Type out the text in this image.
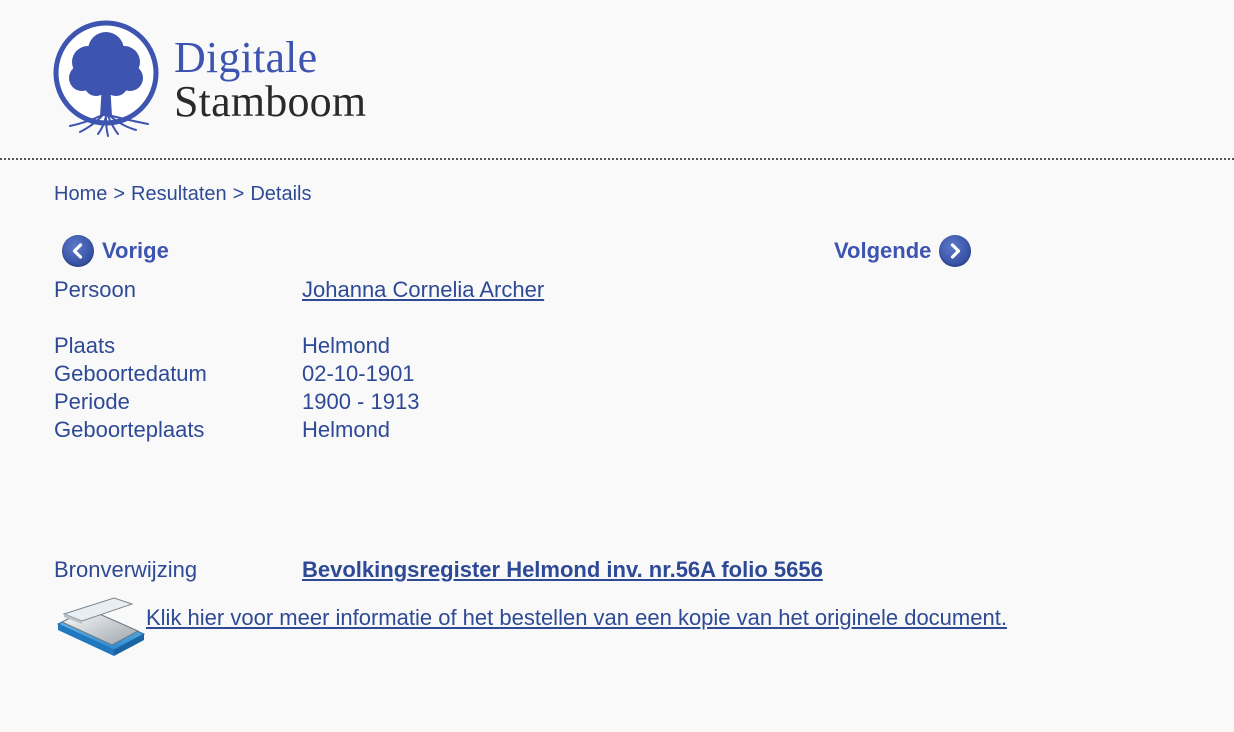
Digitale
Stamboom
Home > Resultaten > Details
Vorige	Volgende
Persoon	Johanna Cornelia Archer
Plaats	Helmond
Geboortedatum	02-10-1901
Periode	1900 - 1913
Geboorteplaats	Helmond
Bronverwijzing	Bevolkingsregister Helmond inv. nr.56A folio 5656
Klik hier voor meer informatie of het bestellen van een kopie van het originele document.
